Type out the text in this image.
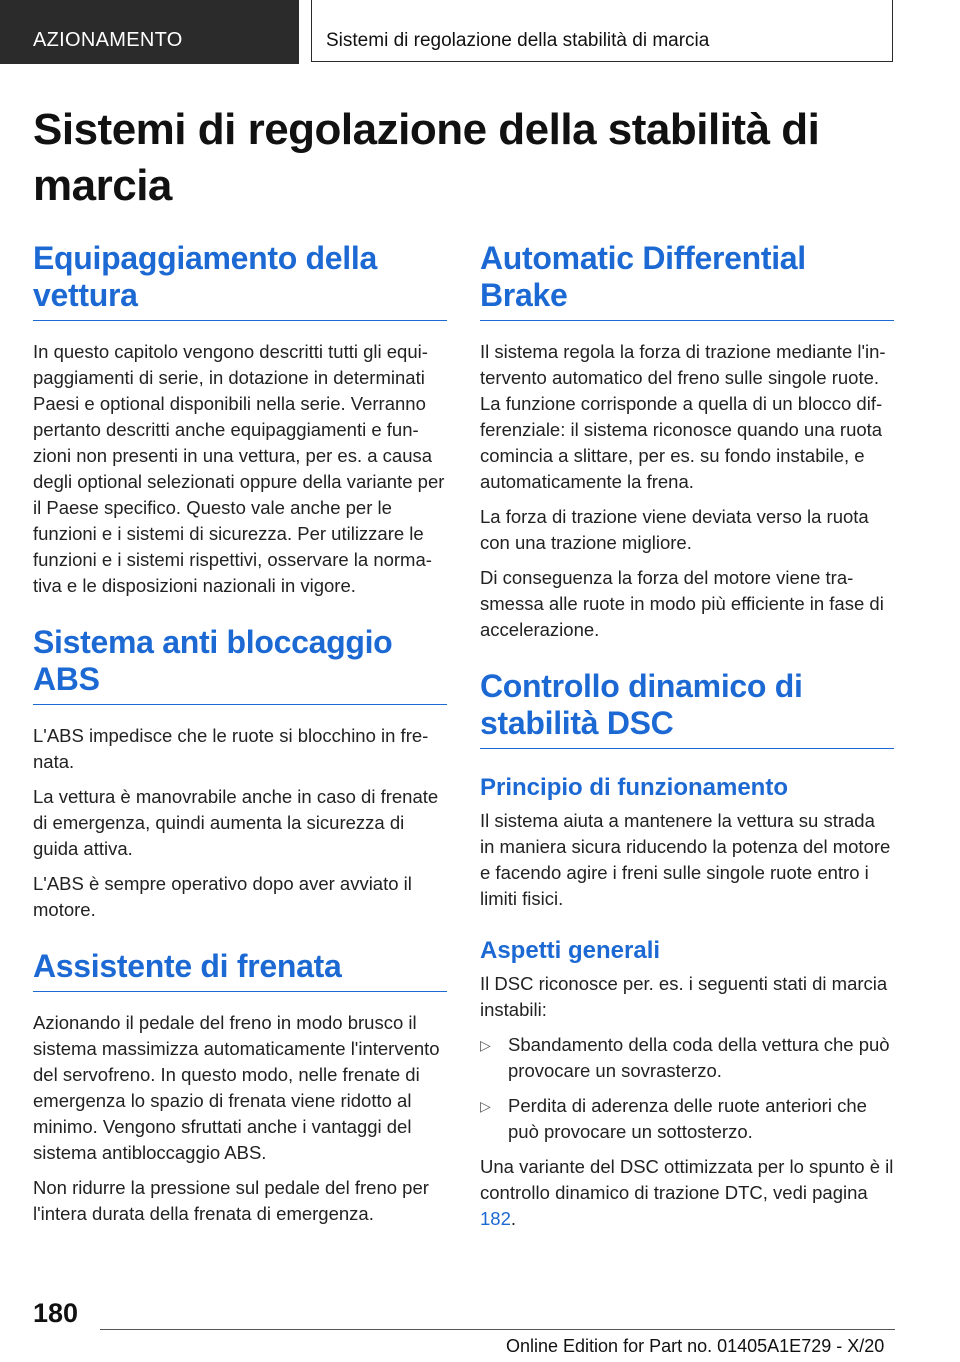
AZIONAMENTO	Sistemi di regolazione della stabilità di marcia
Sistemi di regolazione della stabilità di marcia
Equipaggiamento della vettura

In questo capitolo vengono descritti tutti gli equipaggiamenti di serie, in dotazione in determinati Paesi e optional disponibili nella serie. Verranno pertanto descritti anche equipaggiamenti e funzioni non presenti in una vettura, per es. a causa degli optional selezionati oppure della variante per il Paese specifico. Questo vale anche per le funzioni e i sistemi di sicurezza. Per utilizzare le funzioni e i sistemi rispettivi, osservare la normativa e le disposizioni nazionali in vigore.

Sistema anti bloccaggio ABS

L'ABS impedisce che le ruote si blocchino in frenata.

La vettura è manovrabile anche in caso di frenate di emergenza, quindi aumenta la sicurezza di guida attiva.

L'ABS è sempre operativo dopo aver avviato il motore.

Assistente di frenata

Azionando il pedale del freno in modo brusco il sistema massimizza automaticamente l'intervento del servofreno. In questo modo, nelle frenate di emergenza lo spazio di frenata viene ridotto al minimo. Vengono sfruttati anche i vantaggi del sistema antibloccaggio ABS.

Non ridurre la pressione sul pedale del freno per l'intera durata della frenata di emergenza.

Automatic Differential Brake

Il sistema regola la forza di trazione mediante l'intervento automatico del freno sulle singole ruote. La funzione corrisponde a quella di un blocco differenziale: il sistema riconosce quando una ruota comincia a slittare, per es. su fondo instabile, e automaticamente la frena.

La forza di trazione viene deviata verso la ruota con una trazione migliore.

Di conseguenza la forza del motore viene trasmessa alle ruote in modo più efficiente in fase di accelerazione.

Controllo dinamico di stabilità DSC
Principio di funzionamento

Il sistema aiuta a mantenere la vettura su strada in maniera sicura riducendo la potenza del motore e facendo agire i freni sulle singole ruote entro i limiti fisici.

Aspetti generali

Il DSC riconosce per. es. i seguenti stati di marcia instabili:

▷ Sbandamento della coda della vettura che può provocare un sovrasterzo.
▷ Perdita di aderenza delle ruote anteriori che può provocare un sottosterzo.

Una variante del DSC ottimizzata per lo spunto è il controllo dinamico di trazione DTC, vedi pagina 182.

180
Online Edition for Part no. 01405A1E729 - X/20
